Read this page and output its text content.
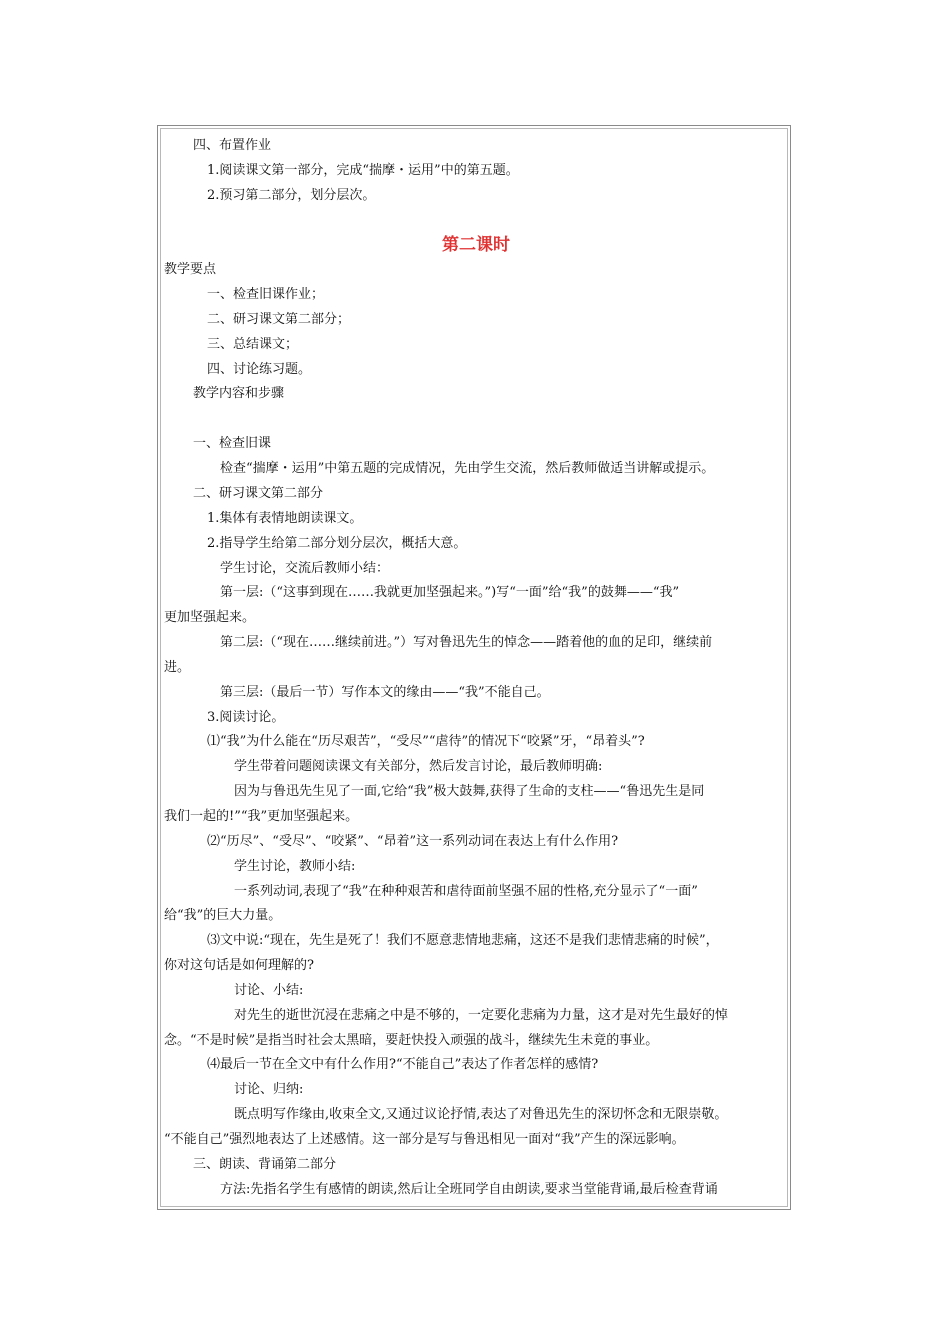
四、布置作业
1.阅读课文第一部分，完成“揣摩・运用”中的第五题。
2.预习第二部分，划分层次。
第二课时
教学要点
一、检查旧课作业；
二、研习课文第二部分；
三、总结课文；
四、讨论练习题。
教学内容和步骤
一、检查旧课
检查“揣摩・运用”中第五题的完成情况，先由学生交流，然后教师做适当讲解或提示。
二、研习课文第二部分
1.集体有表情地朗读课文。
2.指导学生给第二部分划分层次，概括大意。
学生讨论，交流后教师小结：
第一层:（“这事到现在……我就更加坚强起来。”)写“一面”给“我”的鼓舞——“我”
更加坚强起来。
第二层:（“现在……继续前进。”）写对鲁迅先生的悼念——踏着他的血的足印，继续前
进。
第三层:（最后一节）写作本文的缘由——“我”不能自己。
3.阅读讨论。
⑴“我”为什么能在“历尽艰苦”，“受尽”“虐待”的情况下“咬紧”牙，“昂着头”?
学生带着问题阅读课文有关部分，然后发言讨论，最后教师明确:
因为与鲁迅先生见了一面,它给“我”极大鼓舞,获得了生命的支柱——“鲁迅先生是同
我们一起的!”“我”更加坚强起来。
⑵“历尽”、“受尽”、“咬紧”、“昂着”这一系列动词在表达上有什么作用?
学生讨论，教师小结:
一系列动词,表现了“我”在种种艰苦和虐待面前坚强不屈的性格,充分显示了“一面”
给“我”的巨大力量。
⑶文中说:“现在，先生是死了！我们不愿意悲情地悲痛，这还不是我们悲情悲痛的时候”，
你对这句话是如何理解的?
讨论、小结:
对先生的逝世沉浸在悲痛之中是不够的，一定要化悲痛为力量，这才是对先生最好的悼
念。“不是时候”是指当时社会太黑暗，要赶快投入顽强的战斗，继续先生未竟的事业。
⑷最后一节在全文中有什么作用?“不能自己”表达了作者怎样的感情?
讨论、归纳:
既点明写作缘由,收束全文,又通过议论抒情,表达了对鲁迅先生的深切怀念和无限崇敬。
“不能自己”强烈地表达了上述感情。这一部分是写与鲁迅相见一面对“我”产生的深远影响。
三、朗读、背诵第二部分
方法:先指名学生有感情的朗读,然后让全班同学自由朗读,要求当堂能背诵,最后检查背诵
